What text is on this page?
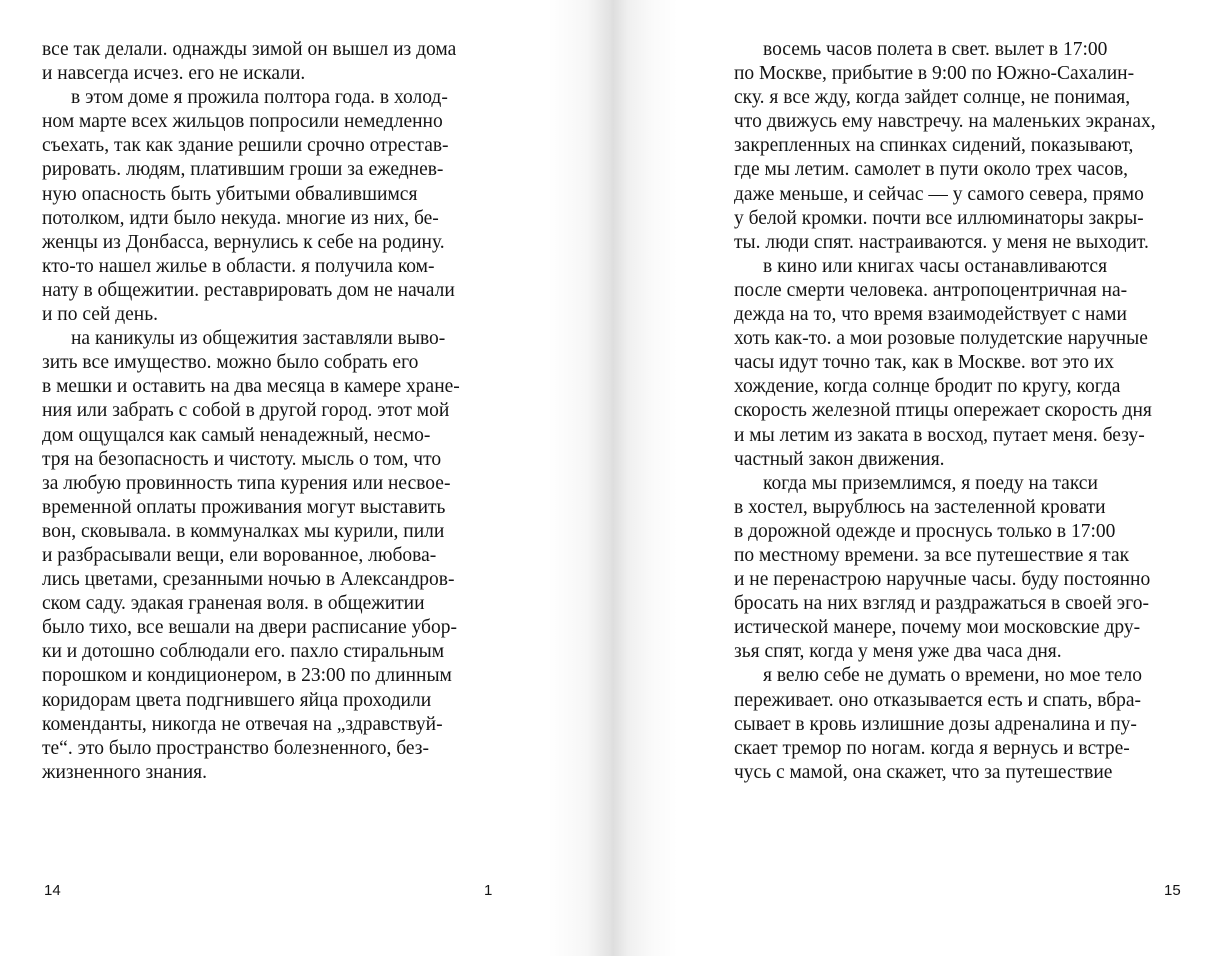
все так делали. однажды зимой он вышел из дома
и навсегда исчез. его не искали.
в этом доме я прожила полтора года. в холод-
ном марте всех жильцов попросили немедленно
съехать, так как здание решили срочно отрестав-
рировать. людям, платившим гроши за ежеднев-
ную опасность быть убитыми обвалившимся
потолком, идти было некуда. многие из них, бе-
женцы из Донбасса, вернулись к себе на родину.
кто-то нашел жилье в области. я получила ком-
нату в общежитии. реставрировать дом не начали
и по сей день.
на каникулы из общежития заставляли выво-
зить все имущество. можно было собрать его
в мешки и оставить на два месяца в камере хране-
ния или забрать с собой в другой город. этот мой
дом ощущался как самый ненадежный, несмо-
тря на безопасность и чистоту. мысль о том, что
за любую провинность типа курения или несвое-
временной оплаты проживания могут выставить
вон, сковывала. в коммуналках мы курили, пили
и разбрасывали вещи, ели ворованное, любова-
лись цветами, срезанными ночью в Александров-
ском саду. эдакая граненая воля. в общежитии
было тихо, все вешали на двери расписание убор-
ки и дотошно соблюдали его. пахло стиральным
порошком и кондиционером, в 23:00 по длинным
коридорам цвета подгнившего яйца проходили
коменданты, никогда не отвечая на „здравствуй-
те“. это было пространство болезненного, без-
жизненного знания.
восемь часов полета в свет. вылет в 17:00
по Москве, прибытие в 9:00 по Южно-Сахалин-
ску. я все жду, когда зайдет солнце, не понимая,
что движусь ему навстречу. на маленьких экранах,
закрепленных на спинках сидений, показывают,
где мы летим. самолет в пути около трех часов,
даже меньше, и сейчас — у самого севера, прямо
у белой кромки. почти все иллюминаторы закры-
ты. люди спят. настраиваются. у меня не выходит.
в кино или книгах часы останавливаются
после смерти человека. антропоцентричная на-
дежда на то, что время взаимодействует с нами
хоть как-то. а мои розовые полудетские наручные
часы идут точно так, как в Москве. вот это их
хождение, когда солнце бродит по кругу, когда
скорость железной птицы опережает скорость дня
и мы летим из заката в восход, путает меня. безу-
частный закон движения.
когда мы приземлимся, я поеду на такси
в хостел, вырублюсь на застеленной кровати
в дорожной одежде и проснусь только в 17:00
по местному времени. за все путешествие я так
и не перенастрою наручные часы. буду постоянно
бросать на них взгляд и раздражаться в своей эго-
истической манере, почему мои московские дру-
зья спят, когда у меня уже два часа дня.
я велю себе не думать о времени, но мое тело
переживает. оно отказывается есть и спать, вбра-
сывает в кровь излишние дозы адреналина и пу-
скает тремор по ногам. когда я вернусь и встре-
чусь с мамой, она скажет, что за путешествие
14	1	15
